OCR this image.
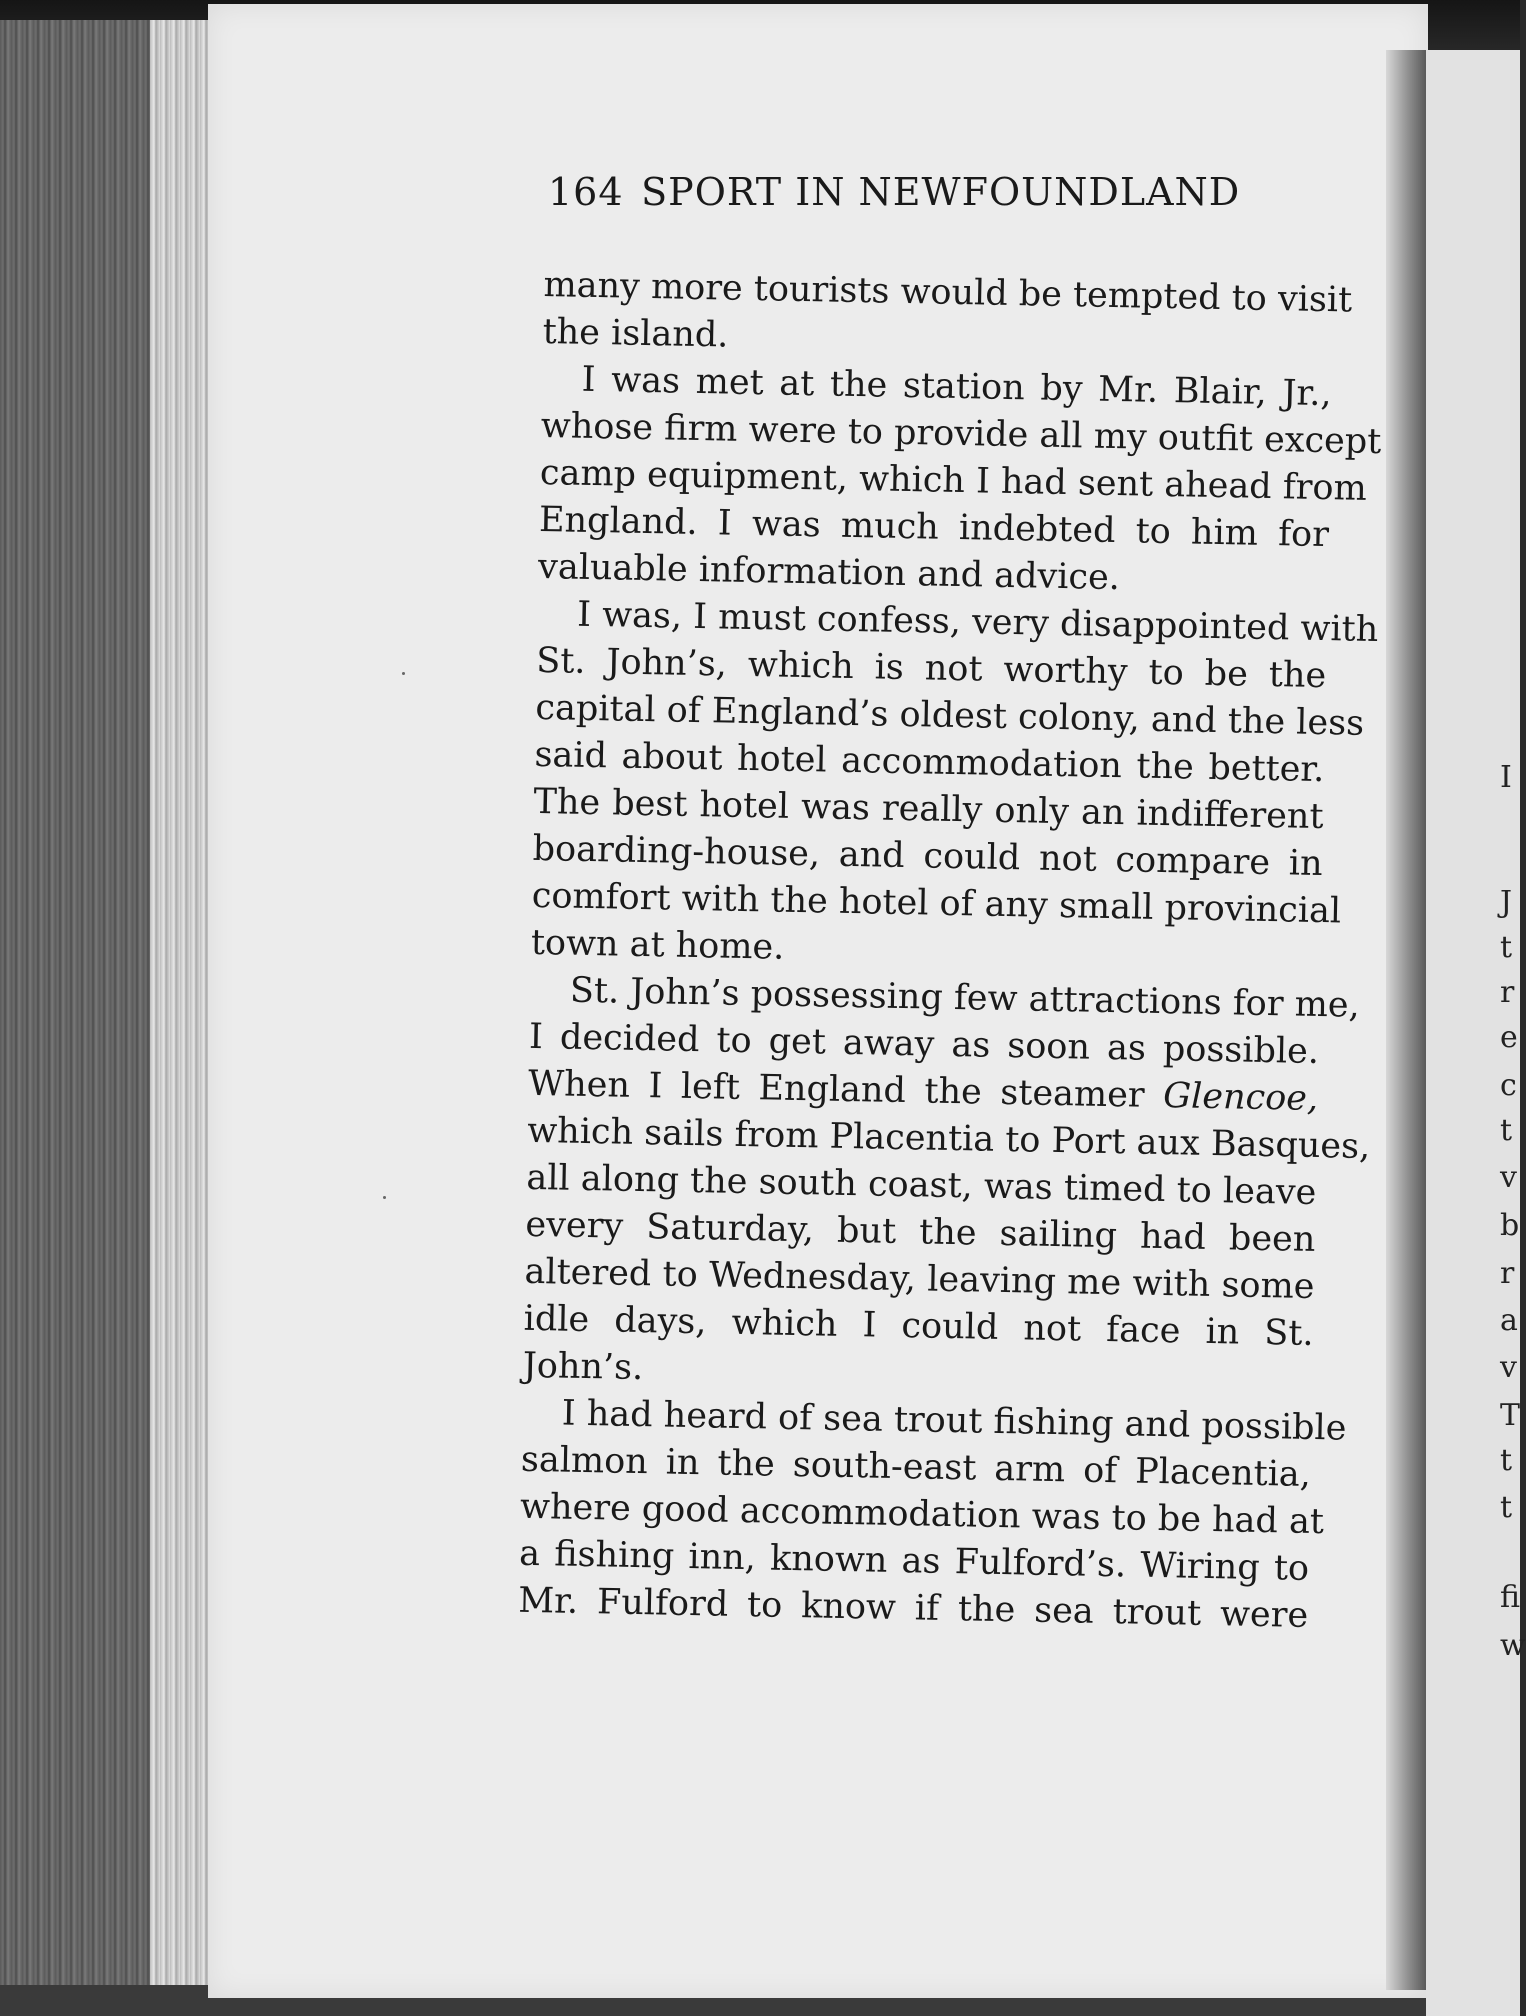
I
J
t
r
e
c
t
v
b
r
a
v
T
t
t
fi
w
164 SPORT IN NEWFOUNDLAND
many more tourists would be tempted to visit
the island.
I was met at the station by Mr. Blair, Jr.,
whose firm were to provide all my outfit except
camp equipment, which I had sent ahead from
England. I was much indebted to him for
valuable information and advice.
I was, I must confess, very disappointed with
St. John’s, which is not worthy to be the
capital of England’s oldest colony, and the less
said about hotel accommodation the better.
The best hotel was really only an indifferent
boarding-house, and could not compare in
comfort with the hotel of any small provincial
town at home.
St. John’s possessing few attractions for me,
I decided to get away as soon as possible.
When I left England the steamer Glencoe,
which sails from Placentia to Port aux Basques,
all along the south coast, was timed to leave
every Saturday, but the sailing had been
altered to Wednesday, leaving me with some
idle days, which I could not face in St.
John’s.
I had heard of sea trout fishing and possible
salmon in the south-east arm of Placentia,
where good accommodation was to be had at
a fishing inn, known as Fulford’s. Wiring to
Mr. Fulford to know if the sea trout were
